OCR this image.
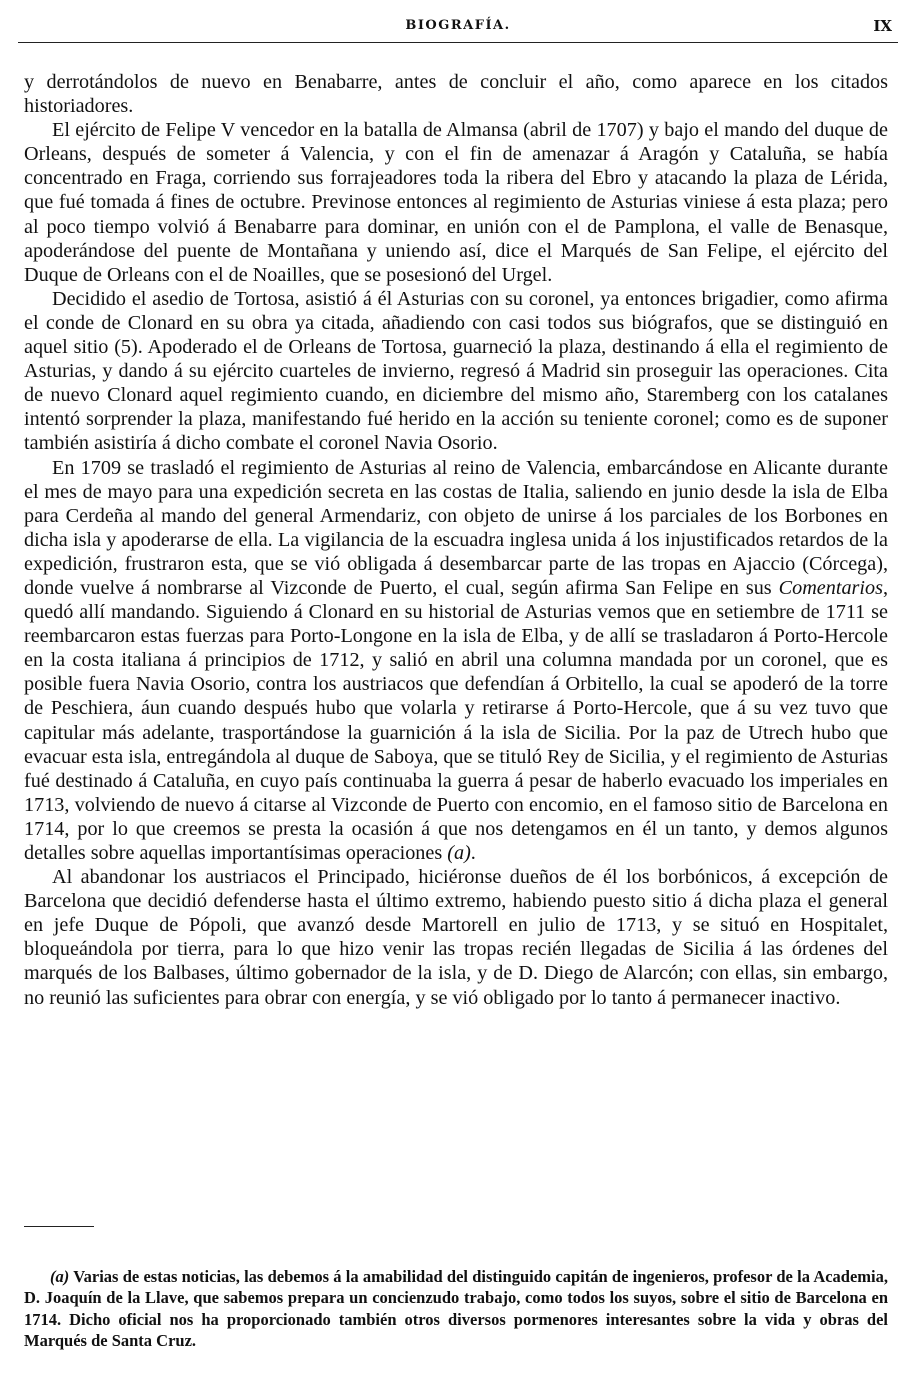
BIOGRAFÍA.	IX

y derrotándolos de nuevo en Benabarre, antes de concluir el año, como aparece en los citados historiadores.

El ejército de Felipe V vencedor en la batalla de Almansa (abril de 1707) y bajo el mando del duque de Orleans, después de someter á Valencia, y con el fin de amenazar á Aragón y Cataluña, se había concentrado en Fraga, corriendo sus forrajeadores toda la ribera del Ebro y atacando la plaza de Lérida, que fué tomada á fines de octubre. Previnose entonces al regimiento de Asturias viniese á esta plaza; pero al poco tiempo volvió á Benabarre para dominar, en unión con el de Pamplona, el valle de Benasque, apoderándose del puente de Montañana y uniendo así, dice el Marqués de San Felipe, el ejército del Duque de Orleans con el de Noailles, que se posesionó del Urgel.

Decidido el asedio de Tortosa, asistió á él Asturias con su coronel, ya entonces brigadier, como afirma el conde de Clonard en su obra ya citada, añadiendo con casi todos sus biógrafos, que se distinguió en aquel sitio (5). Apoderado el de Orleans de Tortosa, guarneció la plaza, destinando á ella el regimiento de Asturias, y dando á su ejército cuarteles de invierno, regresó á Madrid sin proseguir las operaciones. Cita de nuevo Clonard aquel regimiento cuando, en diciembre del mismo año, Staremberg con los catalanes intentó sorprender la plaza, manifestando fué herido en la acción su teniente coronel; como es de suponer también asistiría á dicho combate el coronel Navia Osorio.

En 1709 se trasladó el regimiento de Asturias al reino de Valencia, embarcándose en Alicante durante el mes de mayo para una expedición secreta en las costas de Italia, saliendo en junio desde la isla de Elba para Cerdeña al mando del general Armendariz, con objeto de unirse á los parciales de los Borbones en dicha isla y apoderarse de ella. La vigilancia de la escuadra inglesa unida á los injustificados retardos de la expedición, frustraron esta, que se vió obligada á desembarcar parte de las tropas en Ajaccio (Córcega), donde vuelve á nombrarse al Vizconde de Puerto, el cual, según afirma San Felipe en sus Comentarios, quedó allí mandando. Siguiendo á Clonard en su historial de Asturias vemos que en setiembre de 1711 se reembarcaron estas fuerzas para Porto-Longone en la isla de Elba, y de allí se trasladaron á Porto-Hercole en la costa italiana á principios de 1712, y salió en abril una columna mandada por un coronel, que es posible fuera Navia Osorio, contra los austriacos que defendían á Orbitello, la cual se apoderó de la torre de Peschiera, áun cuando después hubo que volarla y retirarse á Porto-Hercole, que á su vez tuvo que capitular más adelante, trasportándose la guarnición á la isla de Sicilia. Por la paz de Utrech hubo que evacuar esta isla, entregándola al duque de Saboya, que se tituló Rey de Sicilia, y el regimiento de Asturias fué destinado á Cataluña, en cuyo país continuaba la guerra á pesar de haberlo evacuado los imperiales en 1713, volviendo de nuevo á citarse al Vizconde de Puerto con encomio, en el famoso sitio de Barcelona en 1714, por lo que creemos se presta la ocasión á que nos detengamos en él un tanto, y demos algunos detalles sobre aquellas importantísimas operaciones (a).

Al abandonar los austriacos el Principado, hiciéronse dueños de él los borbónicos, á excepción de Barcelona que decidió defenderse hasta el último extremo, habiendo puesto sitio á dicha plaza el general en jefe Duque de Pópoli, que avanzó desde Martorell en julio de 1713, y se situó en Hospitalet, bloqueándola por tierra, para lo que hizo venir las tropas recién llegadas de Sicilia á las órdenes del marqués de los Balbases, último gobernador de la isla, y de D. Diego de Alarcón; con ellas, sin embargo, no reunió las suficientes para obrar con energía, y se vió obligado por lo tanto á permanecer inactivo.

(a) Varias de estas noticias, las debemos á la amabilidad del distinguido capitán de ingenieros, profesor de la Academia, D. Joaquín de la Llave, que sabemos prepara un concienzudo trabajo, como todos los suyos, sobre el sitio de Barcelona en 1714. Dicho oficial nos ha proporcionado también otros diversos pormenores interesantes sobre la vida y obras del Marqués de Santa Cruz.
